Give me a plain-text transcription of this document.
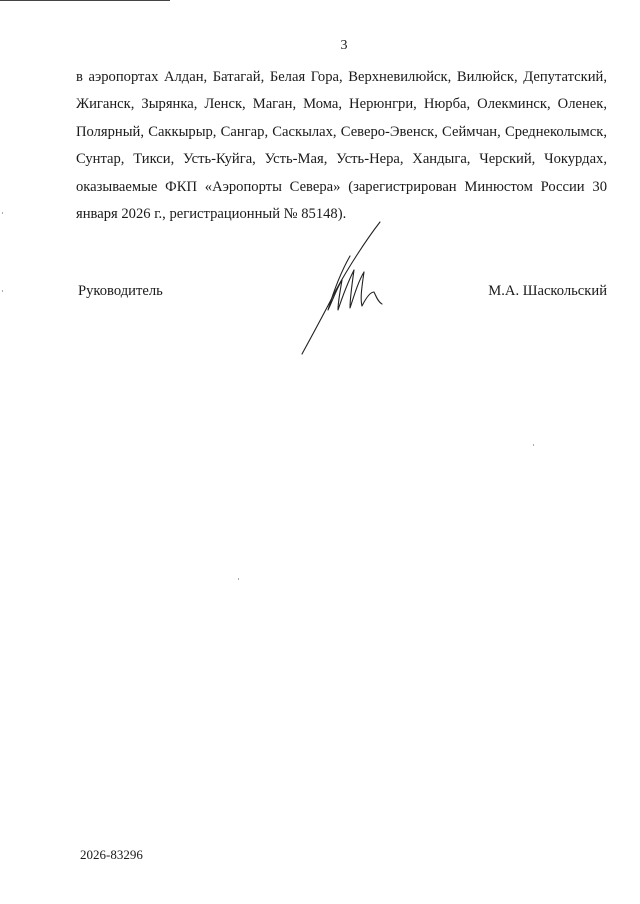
3

в аэропортах Алдан, Батагай, Белая Гора, Верхневилюйск, Вилюйск, Депутатский, Жиганск, Зырянка, Ленск, Маган, Мома, Нерюнгри, Нюрба, Олекминск, Оленек, Полярный, Саккырыр, Сангар, Саскылах, Северо-Эвенск, Сеймчан, Среднеколымск, Сунтар, Тикси, Усть-Куйга, Усть-Мая, Усть-Нера, Хандыга, Черский, Чокурдах, оказываемые ФКП «Аэропорты Севера» (зарегистрирован Минюстом России 30 января 2026 г., регистрационный № 85148).

Руководитель	М.А. Шаскольский
2026-83296
